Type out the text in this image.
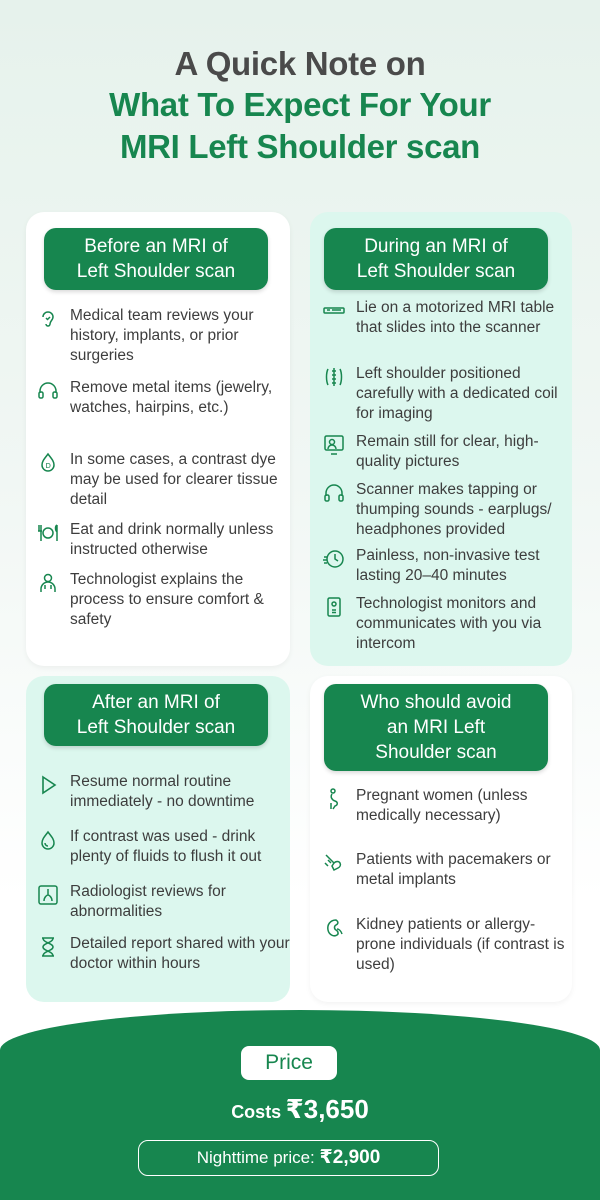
A Quick Note on
What To Expect For Your
MRI Left Shoulder scan
Before an MRI of
Left Shoulder scan
Medical team reviews your history, implants, or prior surgeries
Remove metal items (jewelry, watches, hairpins, etc.)
D In some cases, a contrast dye may be used for clearer tissue detail
Eat and drink normally unless instructed otherwise
Technologist explains the process to ensure comfort & safety
During an MRI of
Left Shoulder scan
Lie on a motorized MRI table that slides into the scanner
Left shoulder positioned carefully with a dedicated coil for imaging
Remain still for clear, high-quality pictures
Scanner makes tapping or thumping sounds - earplugs/ headphones provided
Painless, non-invasive test lasting 20–40 minutes
Technologist monitors and communicates with you via intercom
After an MRI of
Left Shoulder scan
Resume normal routine immediately - no downtime
If contrast was used - drink plenty of fluids to flush it out
Radiologist reviews for abnormalities
Detailed report shared with your doctor within hours
Who should avoid
an MRI Left
Shoulder scan
Pregnant women (unless medically necessary)
Patients with pacemakers or metal implants
Kidney patients or allergy-prone individuals (if contrast is used)
Price
Costs ₹3,650
Nighttime price: ₹2,900
